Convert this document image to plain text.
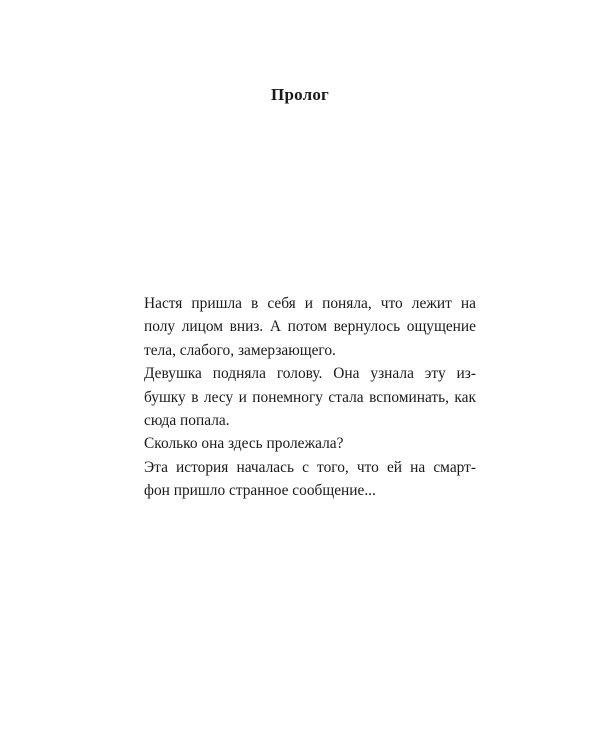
Пролог
Настя пришла в себя и поняла, что лежит на
полу лицом вниз. А потом вернулось ощущение
тела, слабого, замерзающего.
Девушка подняла голову. Она узнала эту из-
бушку в лесу и понемногу стала вспоминать, как
сюда попала.
Сколько она здесь пролежала?
Эта история началась с того, что ей на смарт-
фон пришло странное сообщение...
